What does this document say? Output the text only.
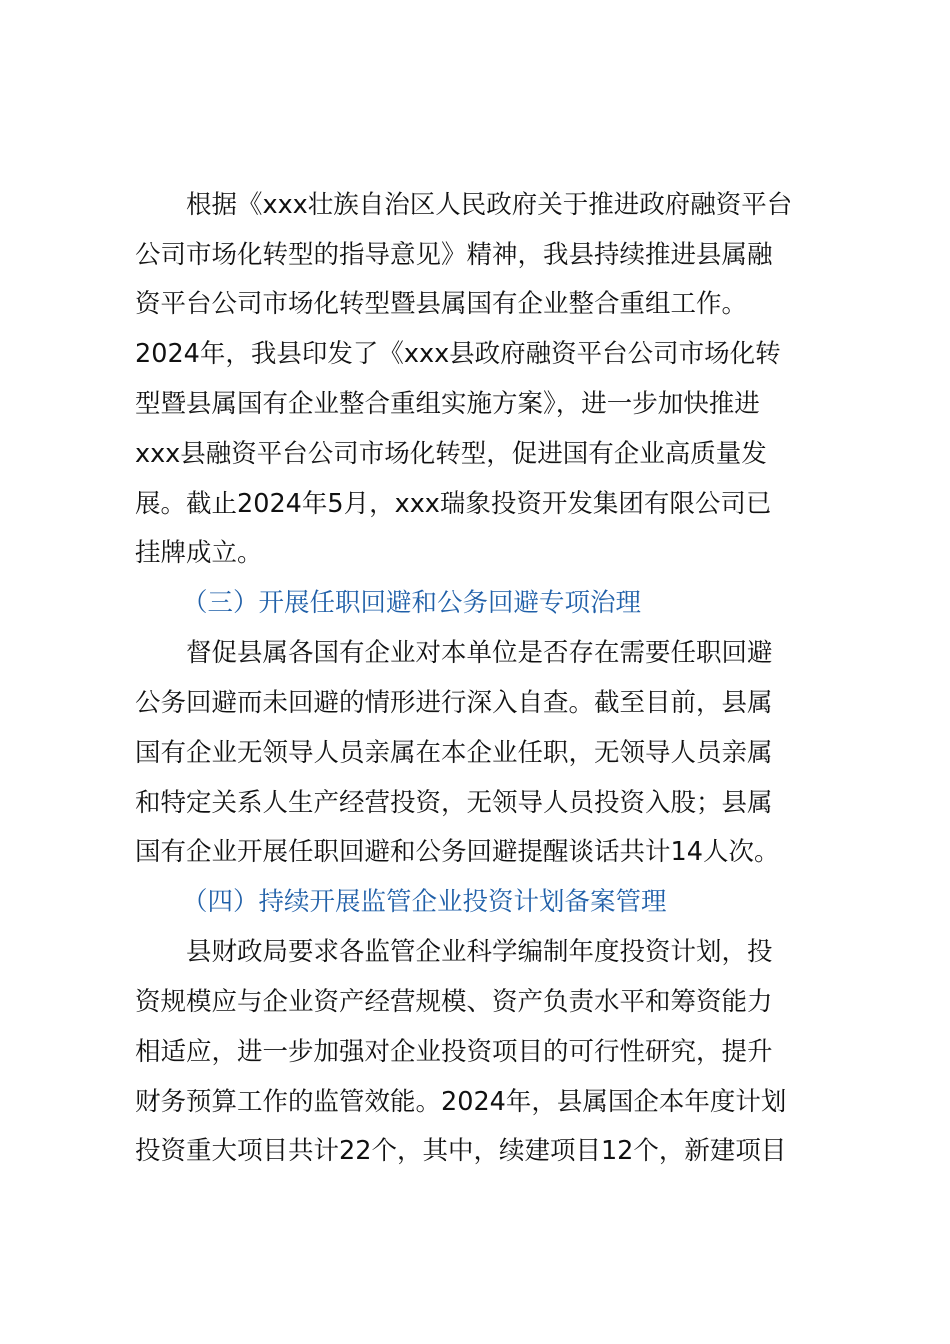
根据《xxx壮族自治区人民政府关于推进政府融资平台
公司市场化转型的指导意见》精神，我县持续推进县属融
资平台公司市场化转型暨县属国有企业整合重组工作。
2024年，我县印发了《xxx县政府融资平台公司市场化转
型暨县属国有企业整合重组实施方案》，进一步加快推进
xxx县融资平台公司市场化转型，促进国有企业高质量发
展。截止2024年5月，xxx瑞象投资开发集团有限公司已
挂牌成立。
（三）开展任职回避和公务回避专项治理
督促县属各国有企业对本单位是否存在需要任职回避
公务回避而未回避的情形进行深入自查。截至目前，县属
国有企业无领导人员亲属在本企业任职，无领导人员亲属
和特定关系人生产经营投资，无领导人员投资入股；县属
国有企业开展任职回避和公务回避提醒谈话共计14人次。
（四）持续开展监管企业投资计划备案管理
县财政局要求各监管企业科学编制年度投资计划，投
资规模应与企业资产经营规模、资产负责水平和筹资能力
相适应，进一步加强对企业投资项目的可行性研究，提升
财务预算工作的监管效能。2024年，县属国企本年度计划
投资重大项目共计22个，其中，续建项目12个，新建项目
